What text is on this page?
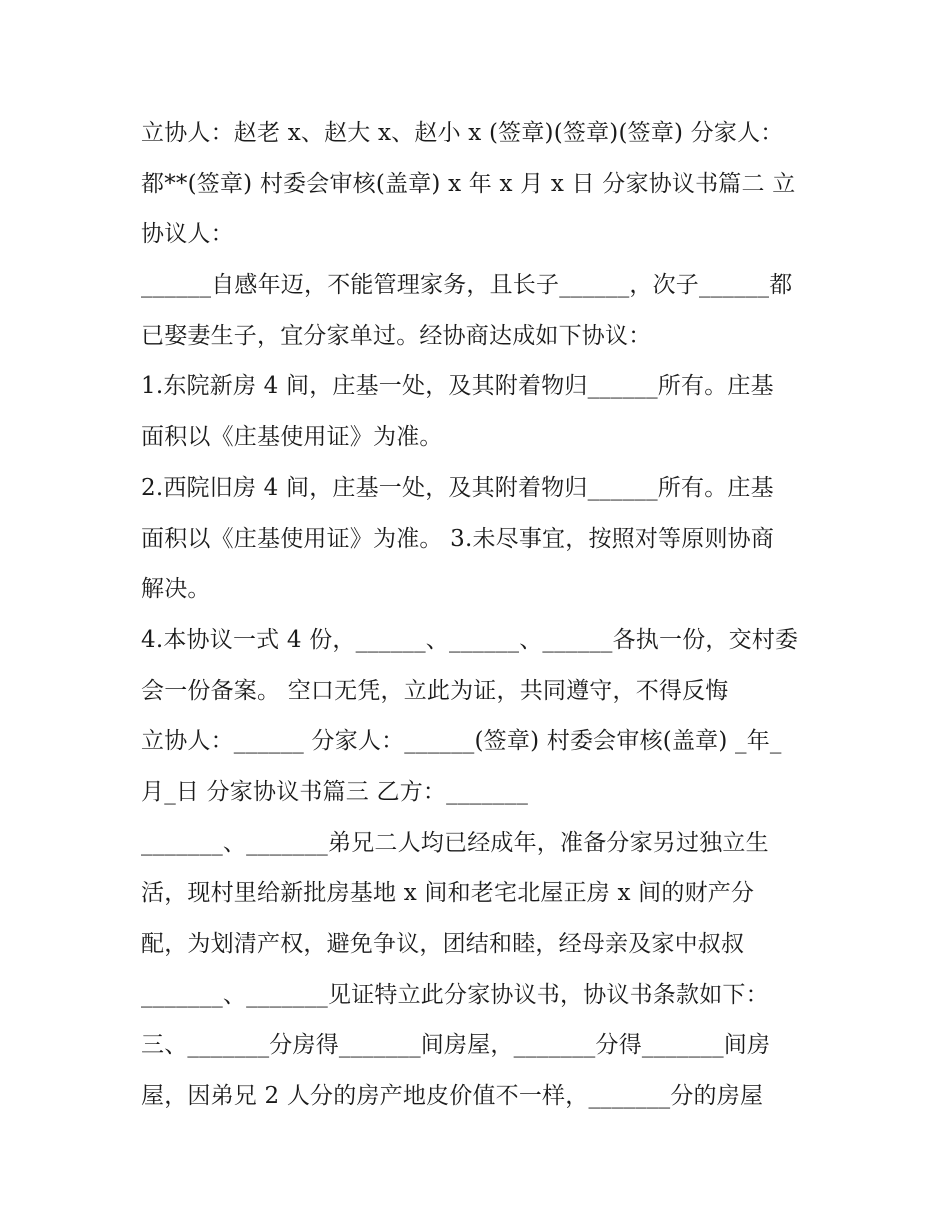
立协人：赵老 x、赵大 x、赵小 x (签章)(签章)(签章) 分家人：
都**(签章) 村委会审核(盖章) x 年 x 月 x 日 分家协议书篇二 立
协议人：
______自感年迈，不能管理家务，且长子______，次子______都
已娶妻生子，宜分家单过。经协商达成如下协议：
1.东院新房 4 间，庄基一处，及其附着物归______所有。庄基
面积以《庄基使用证》为准。
2.西院旧房 4 间，庄基一处，及其附着物归______所有。庄基
面积以《庄基使用证》为准。 3.未尽事宜，按照对等原则协商
解决。
4.本协议一式 4 份，______、______、______各执一份，交村委
会一份备案。 空口无凭，立此为证，共同遵守，不得反悔
立协人：______ 分家人：______(签章) 村委会审核(盖章) _年_
月_日 分家协议书篇三 乙方：_______
_______、_______弟兄二人均已经成年，准备分家另过独立生
活，现村里给新批房基地 x 间和老宅北屋正房 x 间的财产分
配，为划清产权，避免争议，团结和睦，经母亲及家中叔叔
_______、_______见证特立此分家协议书，协议书条款如下：
三、_______分房得_______间房屋，_______分得_______间房
屋，因弟兄 2 人分的房产地皮价值不一样，_______分的房屋
